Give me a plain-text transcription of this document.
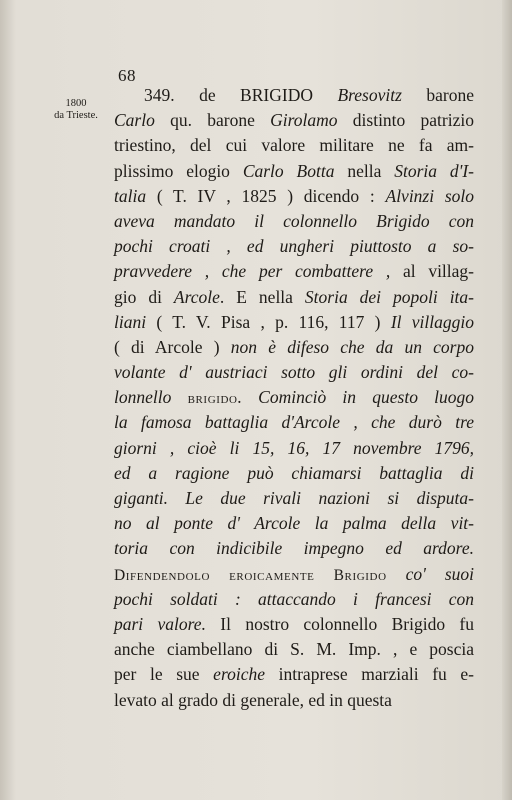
68
1800
da Trieste.
349. de BRIGIDO Bresovitz barone
Carlo qu. barone Girolamo distinto patrizio
triestino, del cui valore militare ne fa am-
plissimo elogio Carlo Botta nella Storia d'I-
talia ( T. IV , 1825 ) dicendo : Alvinzi solo
aveva mandato il colonnello Brigido con
pochi croati , ed ungheri piuttosto a so-
pravvedere , che per combattere , al villag-
gio di Arcole. E nella Storia dei popoli ita-
liani ( T. V. Pisa , p. 116, 117 ) Il villaggio
( di Arcole ) non è difeso che da un corpo
volante d' austriaci sotto gli ordini del co-
lonnello brigido. Cominciò in questo luogo
la famosa battaglia d'Arcole , che durò tre
giorni , cioè li 15, 16, 17 novembre 1796,
ed a ragione può chiamarsi battaglia di
giganti. Le due rivali nazioni si disputa-
no al ponte d' Arcole la palma della vit-
toria con indicibile impegno ed ardore.
Difendendolo eroicamente Brigido co' suoi
pochi soldati : attaccando i francesi con
pari valore. Il nostro colonnello Brigido fu
anche ciambellano di S. M. Imp. , e poscia
per le sue eroiche intraprese marziali fu e-
levato al grado di generale, ed in questa
